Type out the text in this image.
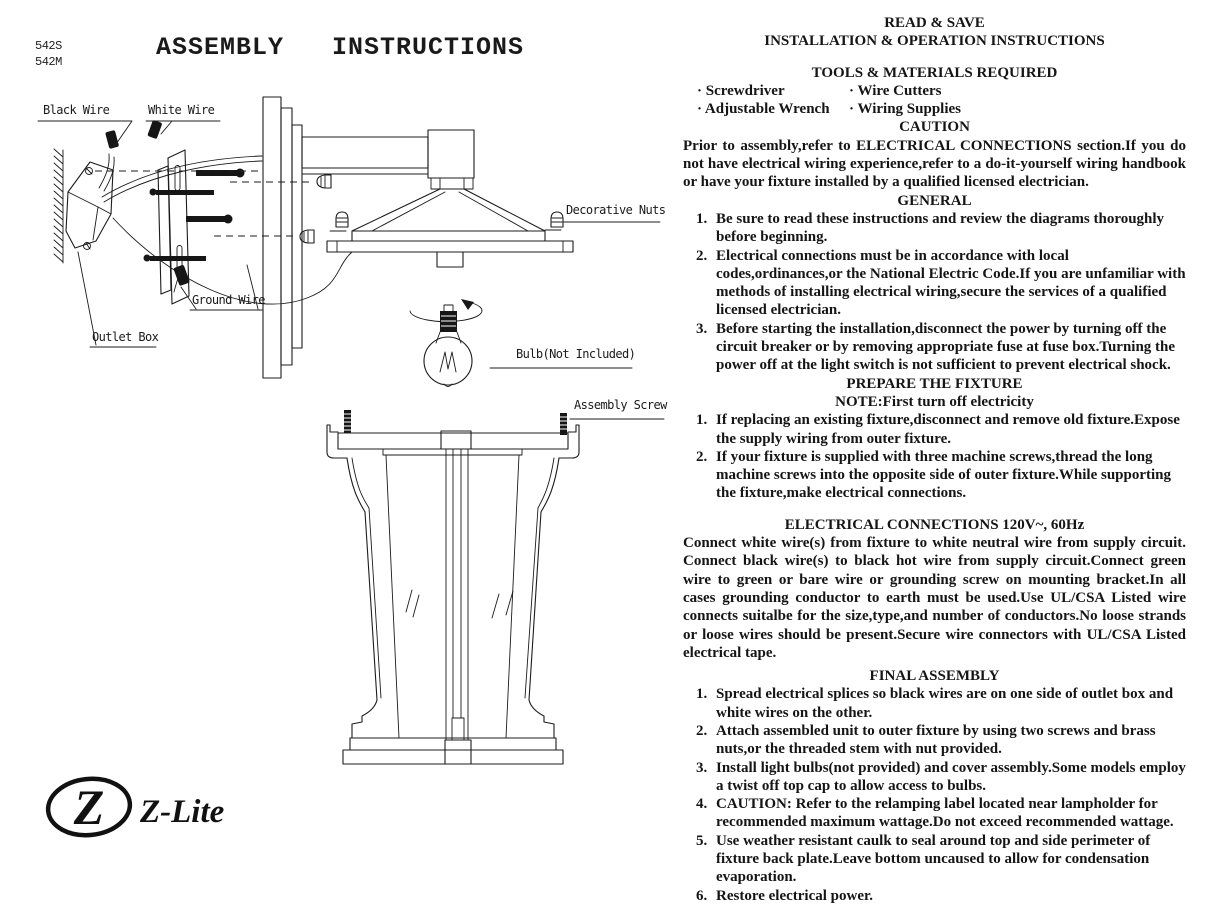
542S
542M
ASSEMBLY   INSTRUCTIONS
Z Z-Lite
Black Wire	White Wire
Ground Wire
Outlet Box
Decorative Nuts
Bulb(Not Included)
Assembly Screw
READ & SAVE
INSTALLATION & OPERATION INSTRUCTIONS
TOOLS & MATERIALS REQUIRED
· Screwdriver	· Wire Cutters
· Adjustable Wrench	· Wiring Supplies
CAUTION

Prior to assembly,refer to ELECTRICAL CONNECTIONS section.If you do not have electrical wiring experience,refer to a do-it-yourself wiring handbook or have your fixture installed by a qualified licensed electrician.

GENERAL
Be sure to read these instructions and review the diagrams thoroughly before beginning.
Electrical connections must be in accordance with local codes,ordinances,or the National Electric Code.If you are unfamiliar with methods of installing electrical wiring,secure the services of a qualified licensed electrician.
Before starting the installation,disconnect the power by turning off the circuit breaker or by removing appropriate fuse at fuse box.Turning the power off at the light switch is not sufficient to prevent electrical shock.
PREPARE THE FIXTURE
NOTE:First turn off electricity
If replacing an existing fixture,disconnect and remove old fixture.Expose the supply wiring from outer fixture.
If your fixture is supplied with three machine screws,thread the long machine screws into the opposite side of outer fixture.While supporting the fixture,make electrical connections.
ELECTRICAL CONNECTIONS 120V~, 60Hz

Connect white wire(s) from fixture to white neutral wire from supply circuit. Connect black wire(s) to black hot wire from supply circuit.Connect green wire to green or bare wire or grounding screw on mounting bracket.In all cases grounding conductor to earth must be used.Use UL/CSA Listed wire connects suitalbe for the size,type,and number of conductors.No loose strands or loose wires should be present.Secure wire connectors with UL/CSA Listed electrical tape.

FINAL ASSEMBLY
Spread electrical splices so black wires are on one side of outlet box and white wires on the other.
Attach assembled unit to outer fixture by using two screws and brass nuts,or the threaded stem with nut provided.
Install light bulbs(not provided) and cover assembly.Some models employ a twist off top cap to allow access to bulbs.
CAUTION: Refer to the relamping label located near lampholder for recommended maximum wattage.Do not exceed recommended wattage.
Use weather resistant caulk to seal around top and side perimeter of fixture back plate.Leave bottom uncaused to allow for condensation evaporation.
Restore electrical power.
